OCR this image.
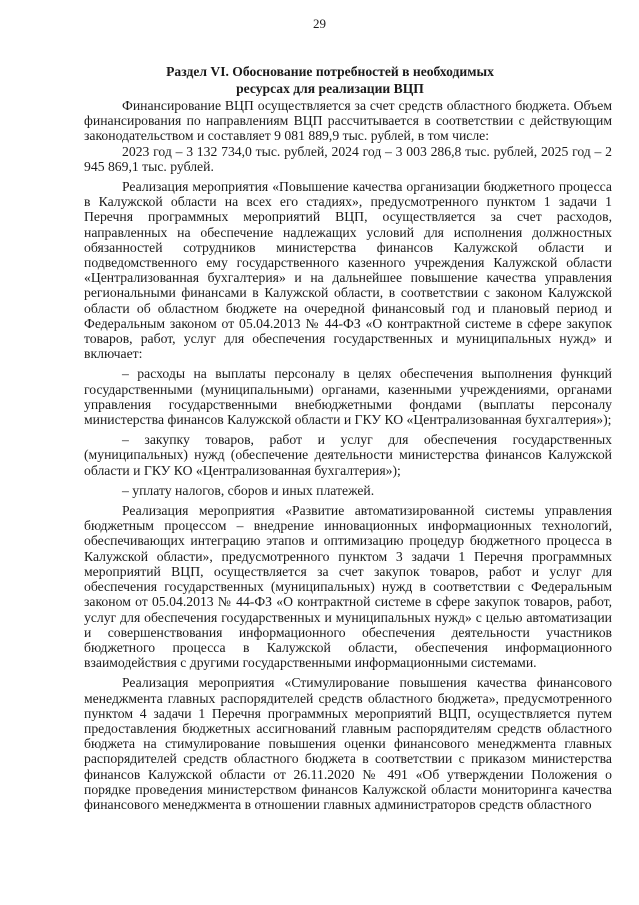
29
Раздел VI. Обоснование потребностей в необходимых
ресурсах для реализации ВЦП

Финансирование ВЦП осуществляется за счет средств областного бюджета. Объем финансирования по направлениям ВЦП рассчитывается в соответствии с действующим законодательством и составляет 9 081 889,9 тыс. рублей, в том числе:

2023 год – 3 132 734,0 тыс. рублей, 2024 год – 3 003 286,8 тыс. рублей, 2025 год – 2 945 869,1 тыс. рублей.

Реализация мероприятия «Повышение качества организации бюджетного процесса в Калужской области на всех его стадиях», предусмотренного пунктом 1 задачи 1 Перечня программных мероприятий ВЦП, осуществляется за счет расходов, направленных на обеспечение надлежащих условий для исполнения должностных обязанностей сотрудников министерства финансов Калужской области и подведомственного ему государственного казенного учреждения Калужской области «Централизованная бухгалтерия» и на дальнейшее повышение качества управления региональными финансами в Калужской области, в соответствии с законом Калужской области об областном бюджете на очередной финансовый год и плановый период и Федеральным законом от 05.04.2013 № 44-ФЗ «О контрактной системе в сфере закупок товаров, работ, услуг для обеспечения государственных и муниципальных нужд» и включает:

– расходы на выплаты персоналу в целях обеспечения выполнения функций государственными (муниципальными) органами, казенными учреждениями, органами управления государственными внебюджетными фондами (выплаты персоналу министерства финансов Калужской области и ГКУ КО «Централизованная бухгалтерия»);

– закупку товаров, работ и услуг для обеспечения государственных (муниципальных) нужд (обеспечение деятельности министерства финансов Калужской области и ГКУ КО «Централизованная бухгалтерия»);

– уплату налогов, сборов и иных платежей.

Реализация мероприятия «Развитие автоматизированной системы управления бюджетным процессом – внедрение инновационных информационных технологий, обеспечивающих интеграцию этапов и оптимизацию процедур бюджетного процесса в Калужской области», предусмотренного пунктом 3 задачи 1 Перечня программных мероприятий ВЦП, осуществляется за счет закупок товаров, работ и услуг для обеспечения государственных (муниципальных) нужд в соответствии с Федеральным законом от 05.04.2013 № 44-ФЗ «О контрактной системе в сфере закупок товаров, работ, услуг для обеспечения государственных и муниципальных нужд» с целью автоматизации и совершенствования информационного обеспечения деятельности участников бюджетного процесса в Калужской области, обеспечения информационного взаимодействия с другими государственными информационными системами.

Реализация мероприятия «Стимулирование повышения качества финансового менеджмента главных распорядителей средств областного бюджета», предусмотренного пунктом 4 задачи 1 Перечня программных мероприятий ВЦП, осуществляется путем предоставления бюджетных ассигнований главным распорядителям средств областного бюджета на стимулирование повышения оценки финансового менеджмента главных распорядителей средств областного бюджета в соответствии с приказом министерства финансов Калужской области от 26.11.2020 № 491 «Об утверждении Положения о порядке проведения министерством финансов Калужской области мониторинга качества финансового менеджмента в отношении главных администраторов средств областного
